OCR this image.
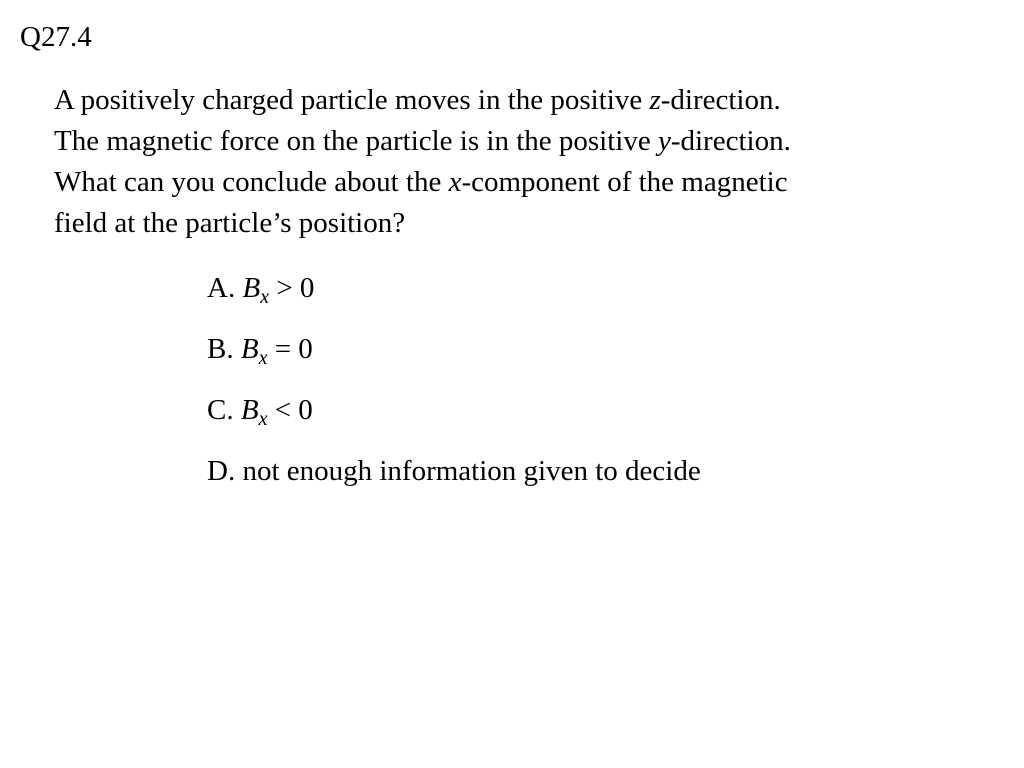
Q27.4
A positively charged particle moves in the positive z-direction.
The magnetic force on the particle is in the positive y-direction.
What can you conclude about the x-component of the magnetic
field at the particle’s position?
A. $B_x > 0$
B. $B_x = 0$
C. $B_x < 0$
D. not enough information given to decide
